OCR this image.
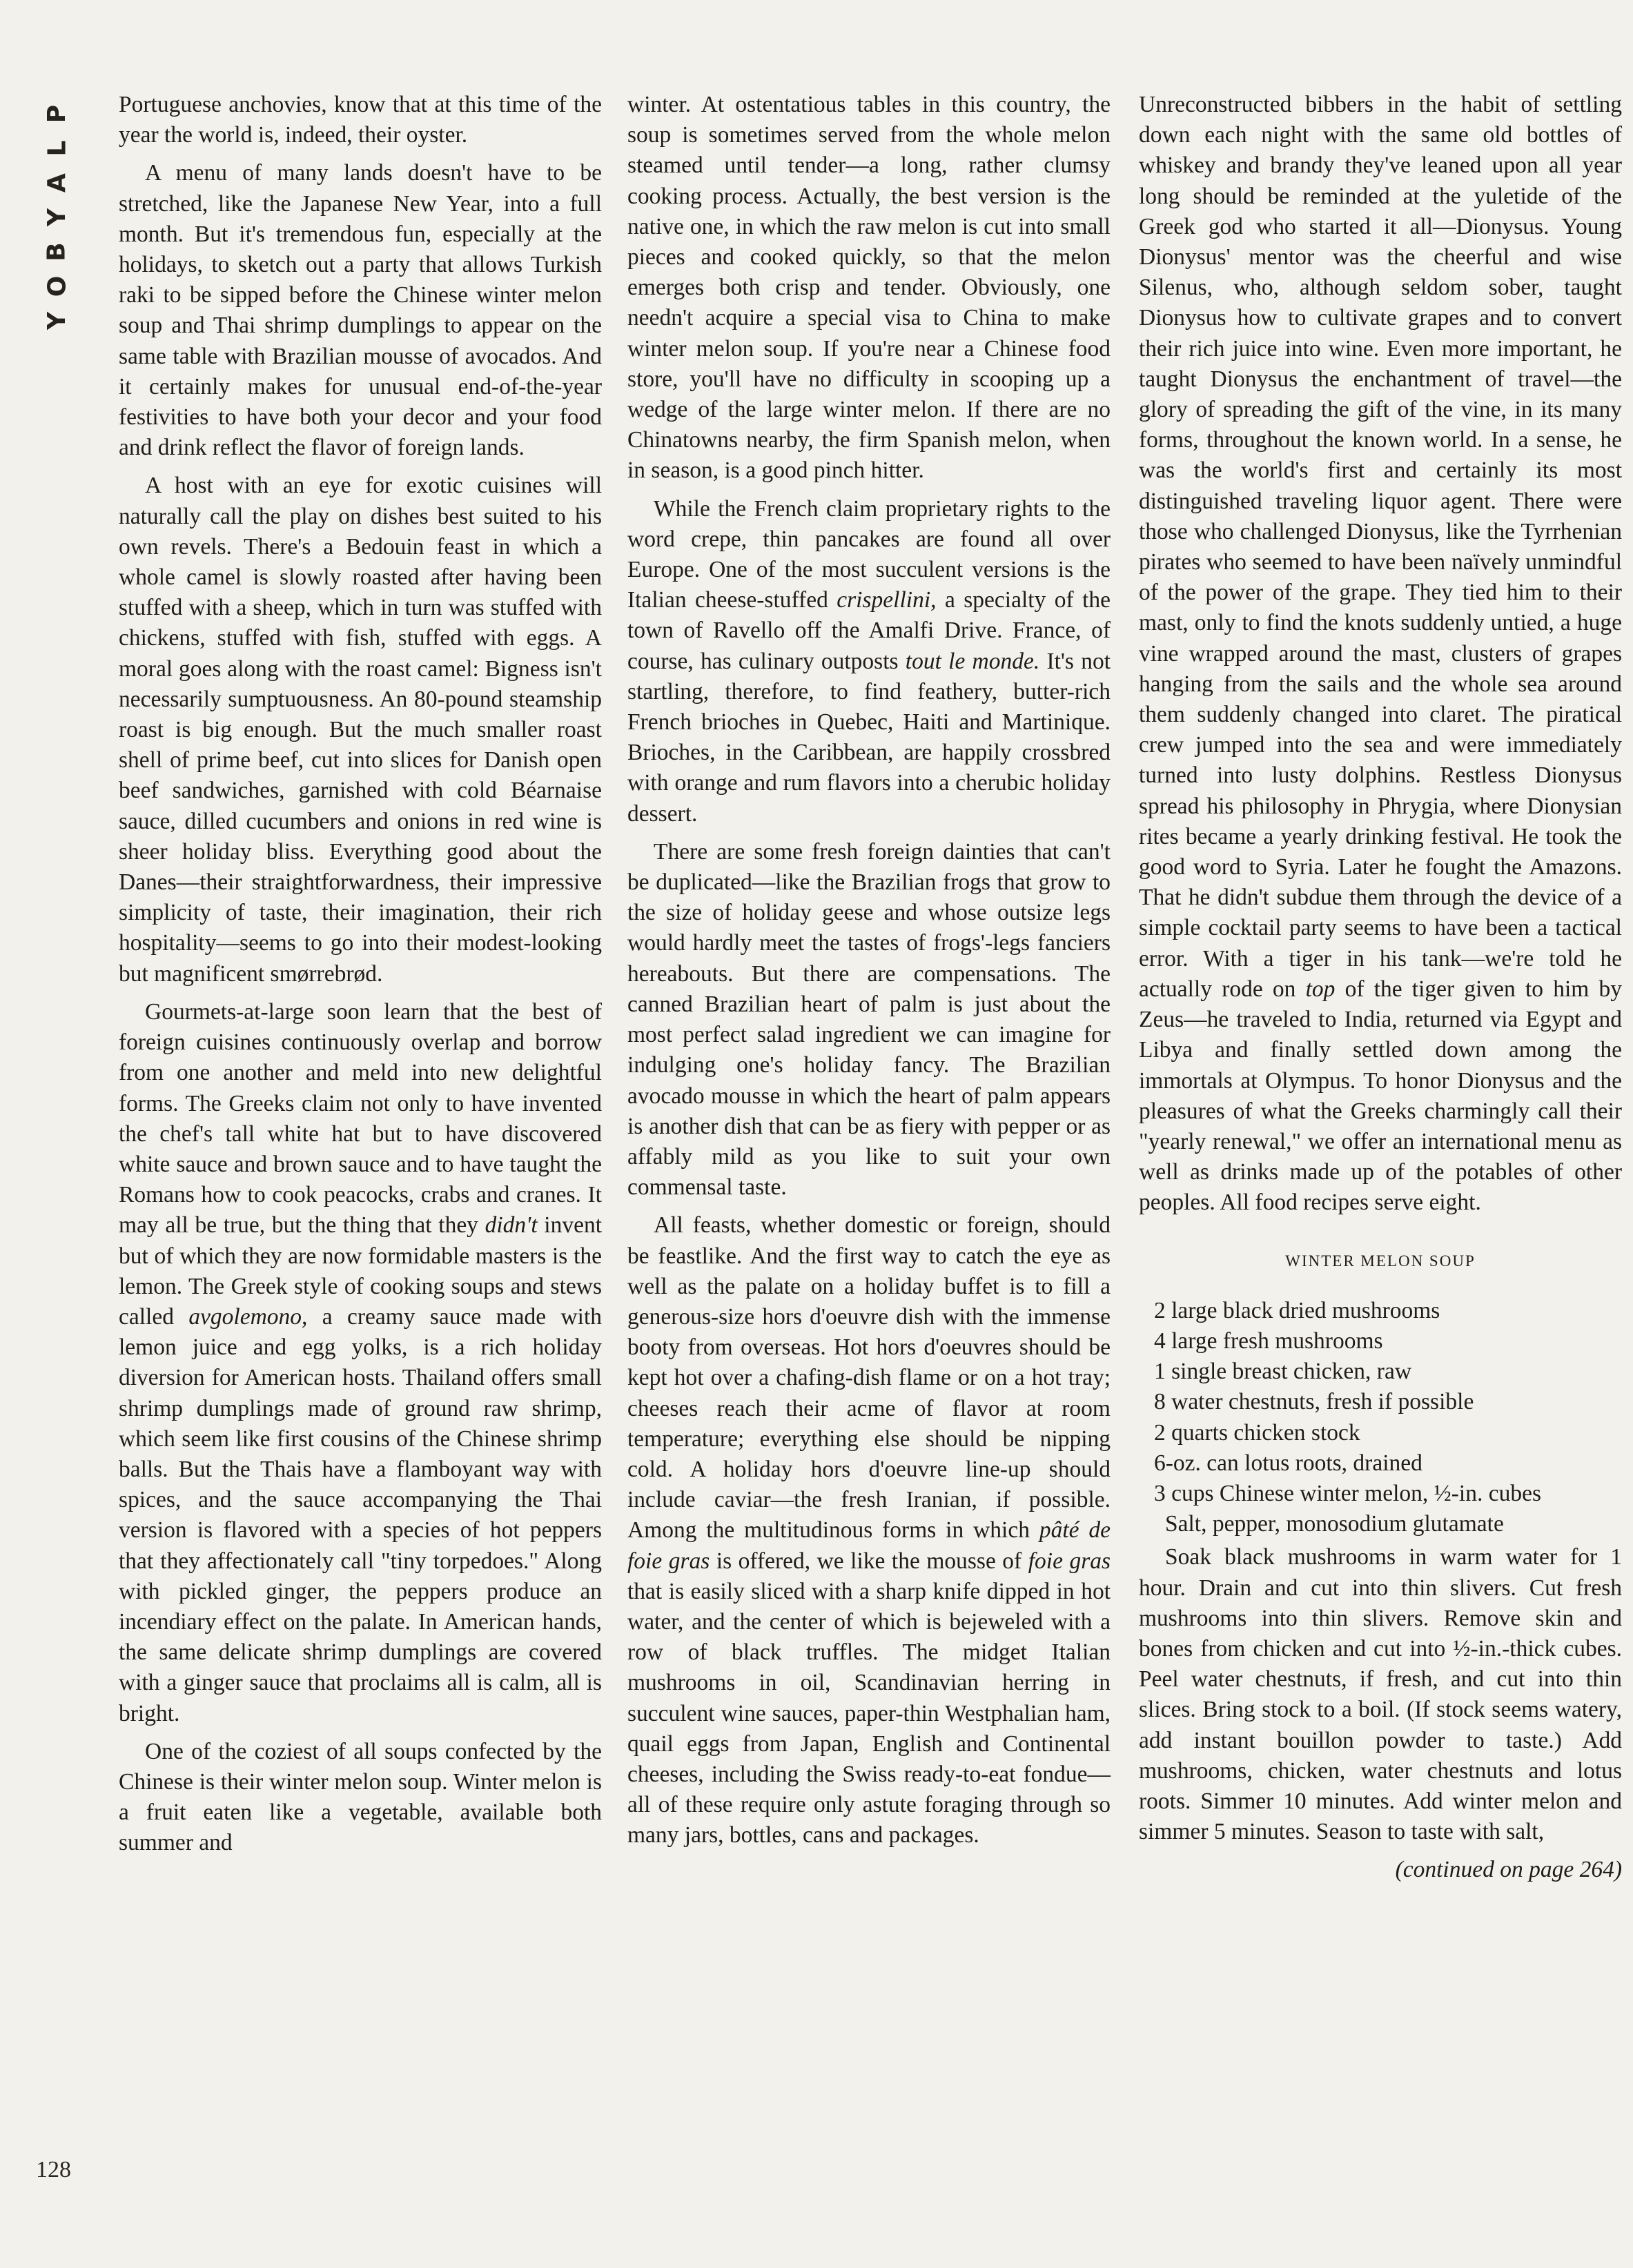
P
L
A
Y
B
O
Y
128

Portuguese anchovies, know that at this time of the year the world is, indeed, their oyster.

A menu of many lands doesn't have to be stretched, like the Japanese New Year, into a full month. But it's tremendous fun, especially at the holidays, to sketch out a party that allows Turkish raki to be sipped before the Chinese winter melon soup and Thai shrimp dumplings to appear on the same table with Brazilian mousse of avocados. And it certainly makes for unusual end-of-the-year festivities to have both your decor and your food and drink reflect the flavor of foreign lands.

A host with an eye for exotic cuisines will naturally call the play on dishes best suited to his own revels. There's a Bedouin feast in which a whole camel is slowly roasted after having been stuffed with a sheep, which in turn was stuffed with chickens, stuffed with fish, stuffed with eggs. A moral goes along with the roast camel: Bigness isn't necessarily sumptuousness. An 80-pound steamship roast is big enough. But the much smaller roast shell of prime beef, cut into slices for Danish open beef sandwiches, garnished with cold Béarnaise sauce, dilled cucumbers and onions in red wine is sheer holiday bliss. Everything good about the Danes—their straightforwardness, their impressive simplicity of taste, their imagination, their rich hospitality—seems to go into their modest-looking but magnificent smørrebrød.

Gourmets-at-large soon learn that the best of foreign cuisines continuously overlap and borrow from one another and meld into new delightful forms. The Greeks claim not only to have invented the chef's tall white hat but to have discovered white sauce and brown sauce and to have taught the Romans how to cook peacocks, crabs and cranes. It may all be true, but the thing that they didn't invent but of which they are now formidable masters is the lemon. The Greek style of cooking soups and stews called avgolemono, a creamy sauce made with lemon juice and egg yolks, is a rich holiday diversion for American hosts. Thailand offers small shrimp dumplings made of ground raw shrimp, which seem like first cousins of the Chinese shrimp balls. But the Thais have a flamboyant way with spices, and the sauce accompanying the Thai version is flavored with a species of hot peppers that they affectionately call "tiny torpedoes." Along with pickled ginger, the peppers produce an incendiary effect on the palate. In American hands, the same delicate shrimp dumplings are covered with a ginger sauce that proclaims all is calm, all is bright.

One of the coziest of all soups confected by the Chinese is their winter melon soup. Winter melon is a fruit eaten like a vegetable, available both summer and

winter. At ostentatious tables in this country, the soup is sometimes served from the whole melon steamed until tender—a long, rather clumsy cooking process. Actually, the best version is the native one, in which the raw melon is cut into small pieces and cooked quickly, so that the melon emerges both crisp and tender. Obviously, one needn't acquire a special visa to China to make winter melon soup. If you're near a Chinese food store, you'll have no difficulty in scooping up a wedge of the large winter melon. If there are no Chinatowns nearby, the firm Spanish melon, when in season, is a good pinch hitter.

While the French claim proprietary rights to the word crepe, thin pancakes are found all over Europe. One of the most succulent versions is the Italian cheese-stuffed crispellini, a specialty of the town of Ravello off the Amalfi Drive. France, of course, has culinary outposts tout le monde. It's not startling, therefore, to find feathery, butter-rich French brioches in Quebec, Haiti and Martinique. Brioches, in the Caribbean, are happily crossbred with orange and rum flavors into a cherubic holiday dessert.

There are some fresh foreign dainties that can't be duplicated—like the Brazilian frogs that grow to the size of holiday geese and whose outsize legs would hardly meet the tastes of frogs'-legs fanciers hereabouts. But there are compensations. The canned Brazilian heart of palm is just about the most perfect salad ingredient we can imagine for indulging one's holiday fancy. The Brazilian avocado mousse in which the heart of palm appears is another dish that can be as fiery with pepper or as affably mild as you like to suit your own commensal taste.

All feasts, whether domestic or foreign, should be feastlike. And the first way to catch the eye as well as the palate on a holiday buffet is to fill a generous-size hors d'oeuvre dish with the immense booty from overseas. Hot hors d'oeuvres should be kept hot over a chafing-dish flame or on a hot tray; cheeses reach their acme of flavor at room temperature; everything else should be nipping cold. A holiday hors d'oeuvre line-up should include caviar—the fresh Iranian, if possible. Among the multitudinous forms in which pâté de foie gras is offered, we like the mousse of foie gras that is easily sliced with a sharp knife dipped in hot water, and the center of which is bejeweled with a row of black truffles. The midget Italian mushrooms in oil, Scandinavian herring in succulent wine sauces, paper-thin Westphalian ham, quail eggs from Japan, English and Continental cheeses, including the Swiss ready-to-eat fondue—all of these require only astute foraging through so many jars, bottles, cans and packages.

Unreconstructed bibbers in the habit of settling down each night with the same old bottles of whiskey and brandy they've leaned upon all year long should be reminded at the yuletide of the Greek god who started it all—Dionysus. Young Dionysus' mentor was the cheerful and wise Silenus, who, although seldom sober, taught Dionysus how to cultivate grapes and to convert their rich juice into wine. Even more important, he taught Dionysus the enchantment of travel—the glory of spreading the gift of the vine, in its many forms, throughout the known world. In a sense, he was the world's first and certainly its most distinguished traveling liquor agent. There were those who challenged Dionysus, like the Tyrrhenian pirates who seemed to have been naïvely unmindful of the power of the grape. They tied him to their mast, only to find the knots suddenly untied, a huge vine wrapped around the mast, clusters of grapes hanging from the sails and the whole sea around them suddenly changed into claret. The piratical crew jumped into the sea and were immediately turned into lusty dolphins. Restless Dionysus spread his philosophy in Phrygia, where Dionysian rites became a yearly drinking festival. He took the good word to Syria. Later he fought the Amazons. That he didn't subdue them through the device of a simple cocktail party seems to have been a tactical error. With a tiger in his tank—we're told he actually rode on top of the tiger given to him by Zeus—he traveled to India, returned via Egypt and Libya and finally settled down among the immortals at Olympus. To honor Dionysus and the pleasures of what the Greeks charmingly call their "yearly renewal," we offer an international menu as well as drinks made up of the potables of other peoples. All food recipes serve eight.

WINTER MELON SOUP
2 large black dried mushrooms
4 large fresh mushrooms
1 single breast chicken, raw
8 water chestnuts, fresh if possible
2 quarts chicken stock
6-oz. can lotus roots, drained
3 cups Chinese winter melon, ½-in. cubes
Salt, pepper, monosodium glutamate

Soak black mushrooms in warm water for 1 hour. Drain and cut into thin slivers. Cut fresh mushrooms into thin slivers. Remove skin and bones from chicken and cut into ½-in.-thick cubes. Peel water chestnuts, if fresh, and cut into thin slices. Bring stock to a boil. (If stock seems watery, add instant bouillon powder to taste.) Add mushrooms, chicken, water chestnuts and lotus roots. Simmer 10 minutes. Add winter melon and simmer 5 minutes. Season to taste with salt,

(continued on page 264)
